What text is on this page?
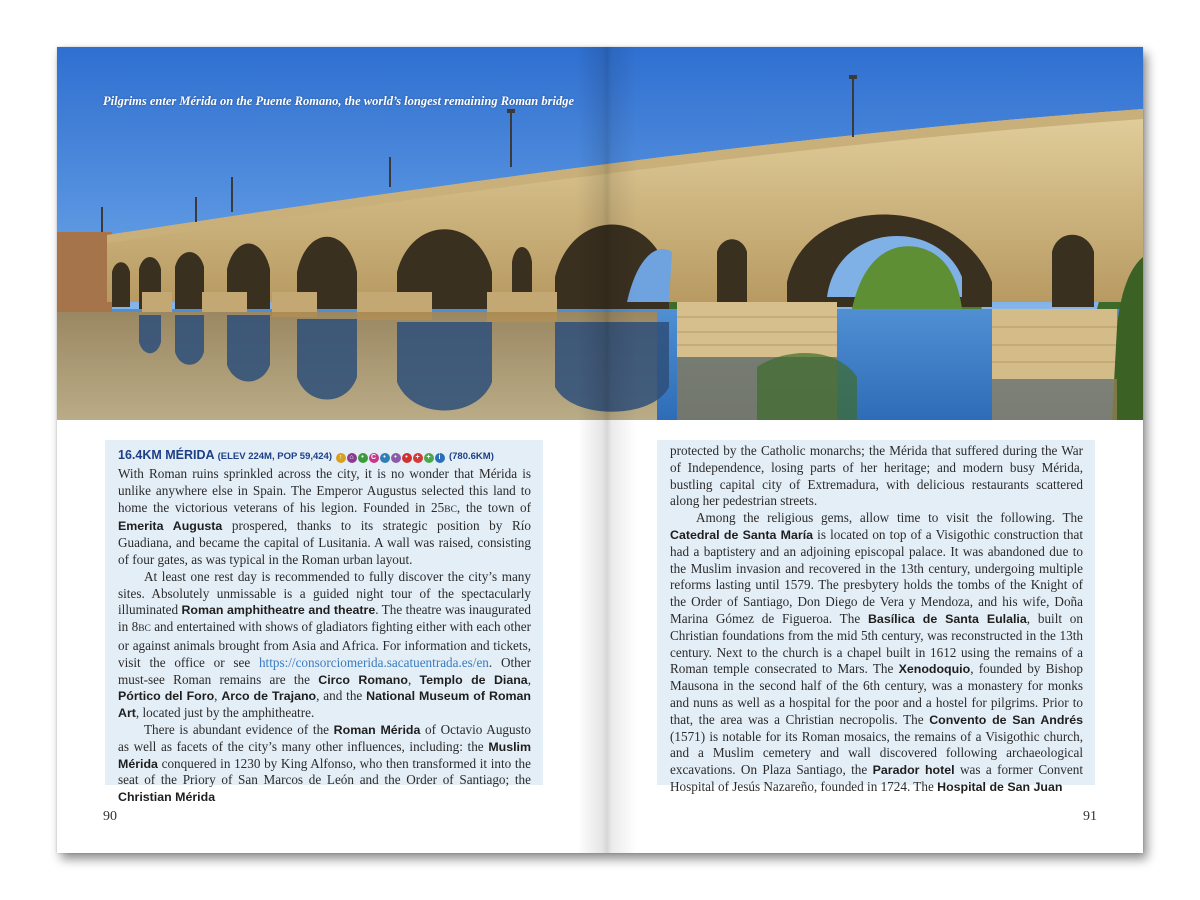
Pilgrims enter Mérida on the Puente Romano, the world’s longest remaining Roman bridge
16.4KM MÉRIDA (ELEV 224M, POP 59,424) ↑ ⌂ • C • • • + + i (780.6KM)

With Roman ruins sprinkled across the city, it is no wonder that Mérida is unlike anywhere else in Spain. The Emperor Augustus selected this land to home the victorious veterans of his legion. Founded in 25BC, the town of Emerita Augusta prospered, thanks to its strategic position by Río Guadiana, and became the capital of Lusitania. A wall was raised, consisting of four gates, as was typical in the Roman urban layout.

At least one rest day is recommended to fully discover the city’s many sites. Absolutely unmissable is a guided night tour of the spectacularly illuminated Roman amphitheatre and theatre. The theatre was inaugurated in 8BC and entertained with shows of gladiators fighting either with each other or against animals brought from Asia and Africa. For information and tickets, visit the office or see https://consorciomerida.sacatuentrada.es/en. Other must-see Roman remains are the Circo Romano, Templo de Diana, Pórtico del Foro, Arco de Trajano, and the National Museum of Roman Art, located just by the amphitheatre.

There is abundant evidence of the Roman Mérida of Octavio Augusto as well as facets of the city’s many other influences, including: the Muslim Mérida conquered in 1230 by King Alfonso, who then transformed it into the seat of the Priory of San Marcos de León and the Order of Santiago; the Christian Mérida

protected by the Catholic monarchs; the Mérida that suffered during the War of Independence, losing parts of her heritage; and modern busy Mérida, bustling capital city of Extremadura, with delicious restaurants scattered along her pedestrian streets.

Among the religious gems, allow time to visit the following. The Catedral de Santa María is located on top of a Visigothic construction that had a baptistery and an adjoining episcopal palace. It was abandoned due to the Muslim invasion and recovered in the 13th century, undergoing multiple reforms lasting until 1579. The presbytery holds the tombs of the Knight of the Order of Santiago, Don Diego de Vera y Mendoza, and his wife, Doña Marina Gómez de Figueroa. The Basílica de Santa Eulalia, built on Christian foundations from the mid 5th century, was reconstructed in the 13th century. Next to the church is a chapel built in 1612 using the remains of a Roman temple consecrated to Mars. The Xenodoquio, founded by Bishop Mausona in the second half of the 6th century, was a monastery for monks and nuns as well as a hospital for the poor and a hostel for pilgrims. Prior to that, the area was a Christian necropolis. The Convento de San Andrés (1571) is notable for its Roman mosaics, the remains of a Visigothic church, and a Muslim cemetery and wall discovered following archaeological excavations. On Plaza Santiago, the Parador hotel was a former Convent Hospital of Jesús Nazareño, founded in 1724. The Hospital de San Juan

90	91
